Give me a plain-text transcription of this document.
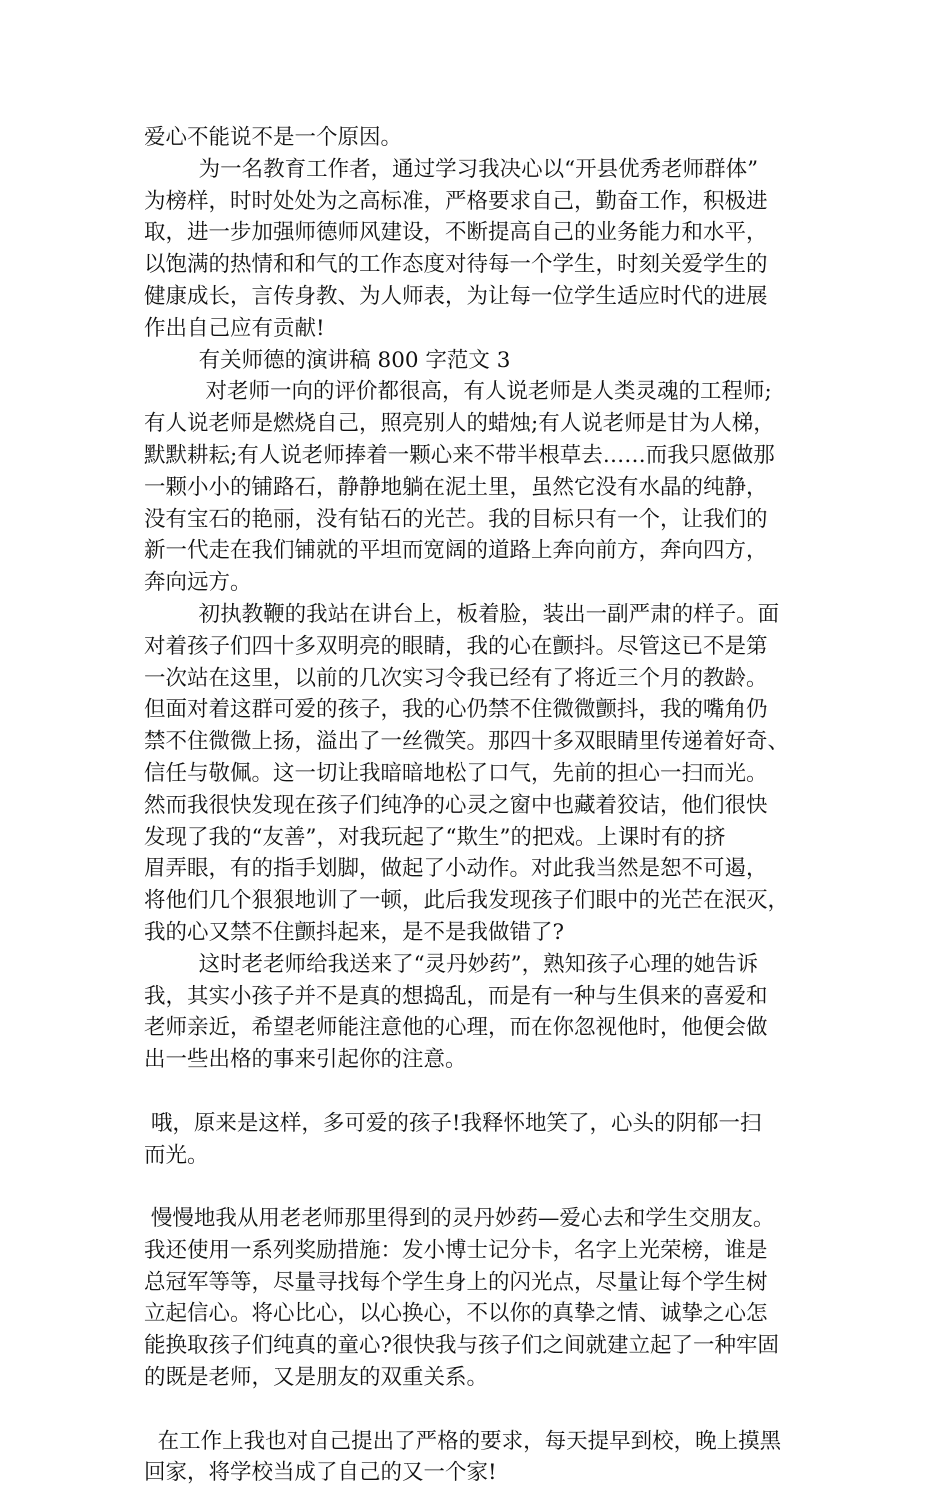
爱心不能说不是一个原因。
为一名教育工作者，通过学习我决心以“开县优秀老师群体”
为榜样，时时处处为之高标准，严格要求自己，勤奋工作，积极进
取，进一步加强师德师风建设，不断提高自己的业务能力和水平，
以饱满的热情和和气的工作态度对待每一个学生，时刻关爱学生的
健康成长，言传身教、为人师表，为让每一位学生适应时代的进展
作出自己应有贡献!
有关师德的演讲稿 800 字范文 3
对老师一向的评价都很高，有人说老师是人类灵魂的工程师;
有人说老师是燃烧自己，照亮别人的蜡烛;有人说老师是甘为人梯，
默默耕耘;有人说老师捧着一颗心来不带半根草去……而我只愿做那
一颗小小的铺路石，静静地躺在泥土里，虽然它没有水晶的纯静，
没有宝石的艳丽，没有钻石的光芒。我的目标只有一个，让我们的
新一代走在我们铺就的平坦而宽阔的道路上奔向前方，奔向四方，
奔向远方。
初执教鞭的我站在讲台上，板着脸，装出一副严肃的样子。面
对着孩子们四十多双明亮的眼睛，我的心在颤抖。尽管这已不是第
一次站在这里，以前的几次实习令我已经有了将近三个月的教龄。
但面对着这群可爱的孩子，我的心仍禁不住微微颤抖，我的嘴角仍
禁不住微微上扬，溢出了一丝微笑。那四十多双眼睛里传递着好奇、
信任与敬佩。这一切让我暗暗地松了口气，先前的担心一扫而光。
然而我很快发现在孩子们纯净的心灵之窗中也藏着狡诘，他们很快
发现了我的“友善”，对我玩起了“欺生”的把戏。上课时有的挤
眉弄眼，有的指手划脚，做起了小动作。对此我当然是恕不可遏，
将他们几个狠狠地训了一顿，此后我发现孩子们眼中的光芒在泯灭，
我的心又禁不住颤抖起来，是不是我做错了?
这时老老师给我送来了“灵丹妙药”，熟知孩子心理的她告诉
我，其实小孩子并不是真的想捣乱，而是有一种与生俱来的喜爱和
老师亲近，希望老师能注意他的心理，而在你忽视他时，他便会做
出一些出格的事来引起你的注意。
哦，原来是这样，多可爱的孩子!我释怀地笑了，心头的阴郁一扫
而光。
慢慢地我从用老老师那里得到的灵丹妙药—爱心去和学生交朋友。
我还使用一系列奖励措施：发小博士记分卡，名字上光荣榜，谁是
总冠军等等，尽量寻找每个学生身上的闪光点，尽量让每个学生树
立起信心。将心比心，以心换心，不以你的真挚之情、诚挚之心怎
能换取孩子们纯真的童心?很快我与孩子们之间就建立起了一种牢固
的既是老师，又是朋友的双重关系。
在工作上我也对自己提出了严格的要求，每天提早到校，晚上摸黑
回家，将学校当成了自己的又一个家!
